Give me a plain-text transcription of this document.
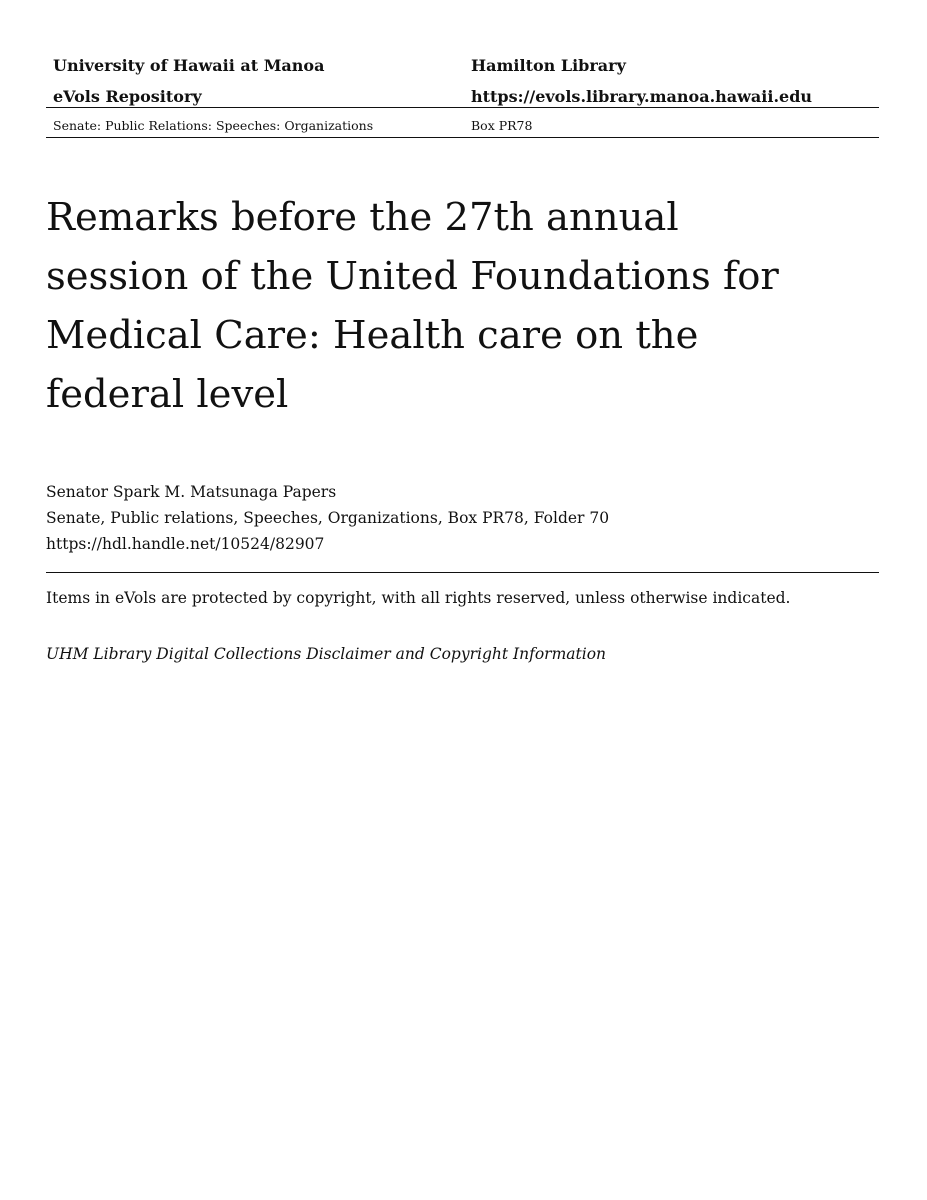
University of Hawaii at Manoa	Hamilton Library
eVols Repository	https://evols.library.manoa.hawaii.edu
Senate: Public Relations: Speeches: Organizations	Box PR78
Remarks before the 27th annual session of the United Foundations for Medical Care: Health care on the federal level
Senator Spark M. Matsunaga Papers
Senate, Public relations, Speeches, Organizations, Box PR78, Folder 70
https://hdl.handle.net/10524/82907
Items in eVols are protected by copyright, with all rights reserved, unless otherwise indicated.
UHM Library Digital Collections Disclaimer and Copyright Information
